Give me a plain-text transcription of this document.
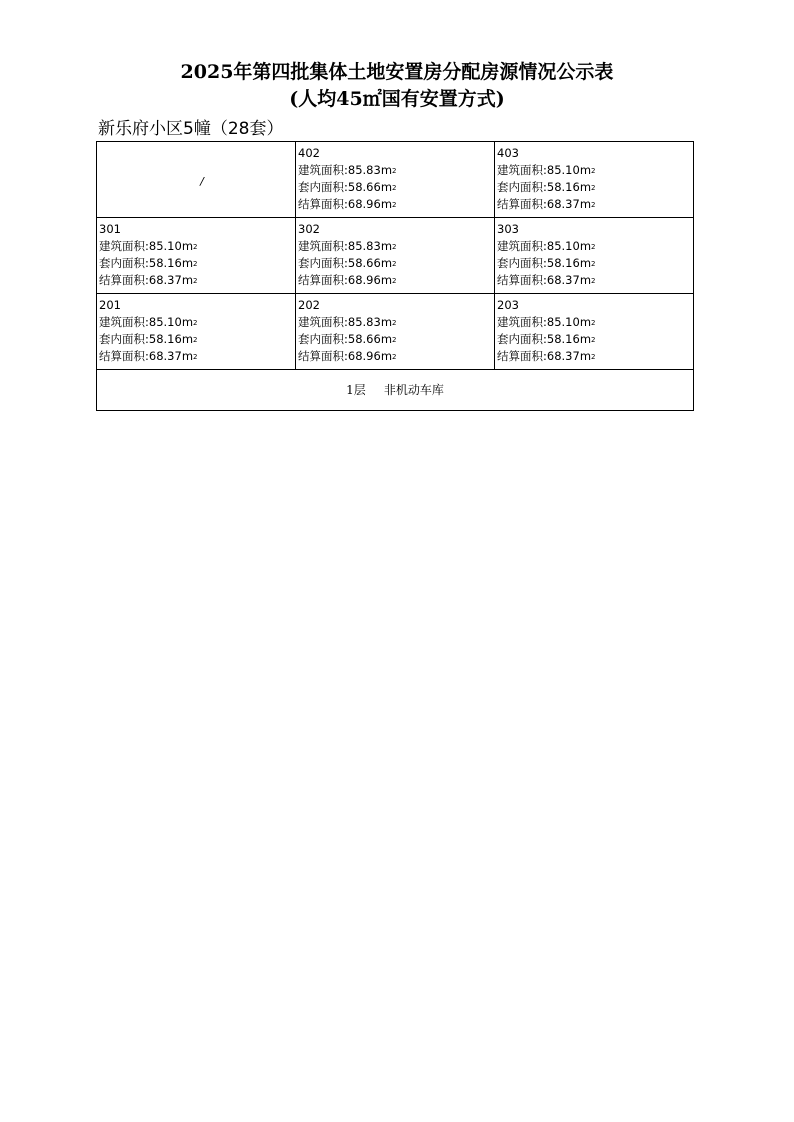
2025年第四批集体土地安置房分配房源情况公示表
(人均45㎡国有安置方式)
新乐府小区5幢（28套）
/	402
建筑面积$:85.83m^2$
套内面积$:58.66m^2$
结算面积$:68.96m^2$	403
建筑面积$:85.10m^2$
套内面积$:58.16m^2$
结算面积$:68.37m^2$

301
建筑面积$:85.10m^2$
套内面积$:58.16m^2$
结算面积$:68.37m^2$	302
建筑面积$:85.83m^2$
套内面积$:58.66m^2$
结算面积$:68.96m^2$	303
建筑面积$:85.10m^2$
套内面积$:58.16m^2$
结算面积$:68.37m^2$

201
建筑面积$:85.10m^2$
套内面积$:58.16m^2$
结算面积$:68.37m^2$	202
建筑面积$:85.83m^2$
套内面积$:58.66m^2$
结算面积$:68.96m^2$	203
建筑面积$:85.10m^2$
套内面积$:58.16m^2$
结算面积$:68.37m^2$

1层 非机动车库		
